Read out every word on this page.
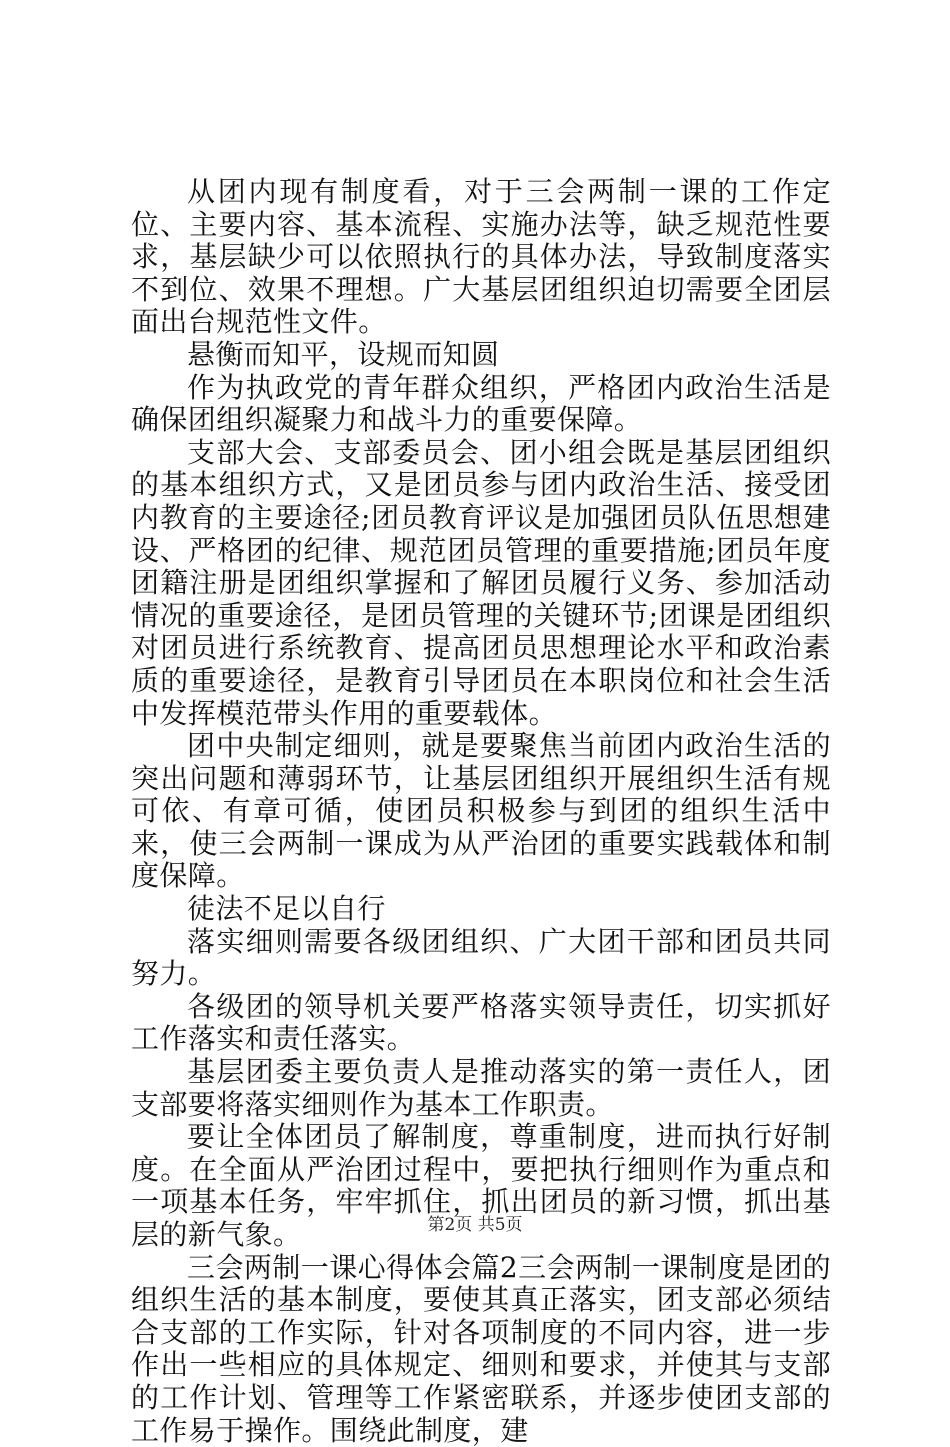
从团内现有制度看，对于三会两制一课的工作定位、主要内容、基本流程、实施办法等，缺乏规范性要求，基层缺少可以依照执行的具体办法，导致制度落实不到位、效果不理想。广大基层团组织迫切需要全团层面出台规范性文件。

悬衡而知平，设规而知圆

作为执政党的青年群众组织，严格团内政治生活是确保团组织凝聚力和战斗力的重要保障。

支部大会、支部委员会、团小组会既是基层团组织的基本组织方式，又是团员参与团内政治生活、接受团内教育的主要途径;团员教育评议是加强团员队伍思想建设、严格团的纪律、规范团员管理的重要措施;团员年度团籍注册是团组织掌握和了解团员履行义务、参加活动情况的重要途径，是团员管理的关键环节;团课是团组织对团员进行系统教育、提高团员思想理论水平和政治素质的重要途径，是教育引导团员在本职岗位和社会生活中发挥模范带头作用的重要载体。

团中央制定细则，就是要聚焦当前团内政治生活的突出问题和薄弱环节，让基层团组织开展组织生活有规可依、有章可循，使团员积极参与到团的组织生活中来，使三会两制一课成为从严治团的重要实践载体和制度保障。

徒法不足以自行

落实细则需要各级团组织、广大团干部和团员共同努力。

各级团的领导机关要严格落实领导责任，切实抓好工作落实和责任落实。

基层团委主要负责人是推动落实的第一责任人，团支部要将落实细则作为基本工作职责。

要让全体团员了解制度，尊重制度，进而执行好制度。在全面从严治团过程中，要把执行细则作为重点和一项基本任务，牢牢抓住，抓出团员的新习惯，抓出基层的新气象。

三会两制一课心得体会篇2三会两制一课制度是团的组织生活的基本制度，要使其真正落实，团支部必须结合支部的工作实际，针对各项制度的不同内容，进一步作出一些相应的具体规定、细则和要求，并使其与支部的工作计划、管理等工作紧密联系，并逐步使团支部的工作易于操作。围绕此制度，建

第2页 共5页
